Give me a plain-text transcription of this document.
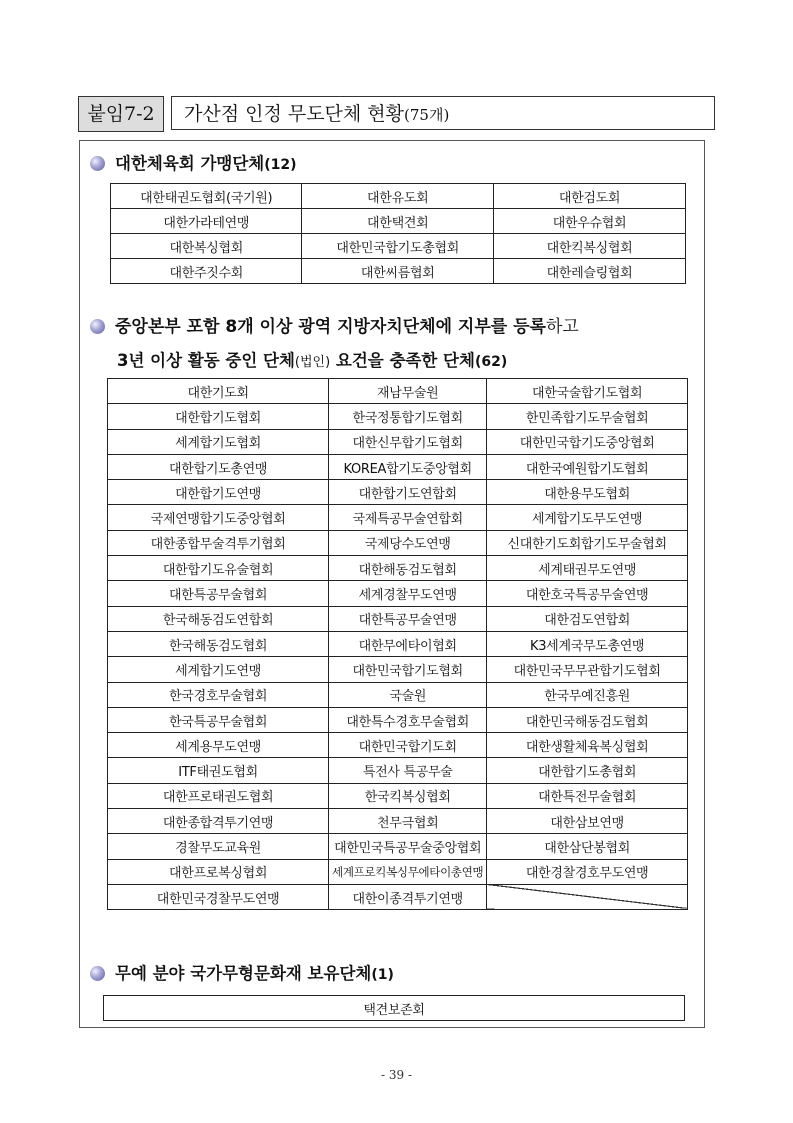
붙임7-2	가산점 인정 무도단체 현황(75개)
대한체육회 가맹단체(12)
대한태권도협회(국기원)	대한유도회	대한검도회
대한가라테연맹	대한택견회	대한우슈협회
대한복싱협회	대한민국합기도총협회	대한킥복싱협회
대한주짓수회	대한씨름협회	대한레슬링협회
중앙본부 포함 8개 이상 광역 지방자치단체에 지부를 등록하고
3년 이상 활동 중인 단체(법인) 요건을 충족한 단체(62)
대한기도회	재남무술원	대한국술합기도협회
대한합기도협회	한국정통합기도협회	한민족합기도무술협회
세계합기도협회	대한신무합기도협회	대한민국합기도중앙협회
대한합기도총연맹	KOREA합기도중앙협회	대한국예원합기도협회
대한합기도연맹	대한합기도연합회	대한용무도협회
국제연맹합기도중앙협회	국제특공무술연합회	세계합기도무도연맹
대한종합무술격투기협회	국제당수도연맹	신대한기도회합기도무술협회
대한합기도유술협회	대한해동검도협회	세계태권무도연맹
대한특공무술협회	세계경찰무도연맹	대한호국특공무술연맹
한국해동검도연합회	대한특공무술연맹	대한검도연합회
한국해동검도협회	대한무에타이협회	K3세계국무도총연맹
세계합기도연맹	대한민국합기도협회	대한민국무무관합기도협회
한국경호무술협회	국술원	한국무예진흥원
한국특공무술협회	대한특수경호무술협회	대한민국해동검도협회
세계용무도연맹	대한민국합기도회	대한생활체육복싱협회
ITF태권도협회	특전사 특공무술	대한합기도총협회
대한프로태권도협회	한국킥복싱협회	대한특전무술협회
대한종합격투기연맹	천무극협회	대한삼보연맹
경찰무도교육원	대한민국특공무술중앙협회	대한삼단봉협회
대한프로복싱협회	세계프로킥복싱무에타이총연맹	대한경찰경호무도연맹
대한민국경찰무도연맹	대한이종격투기연맹	
무예 분야 국가무형문화재 보유단체(1)
택견보존회
- 39 -
